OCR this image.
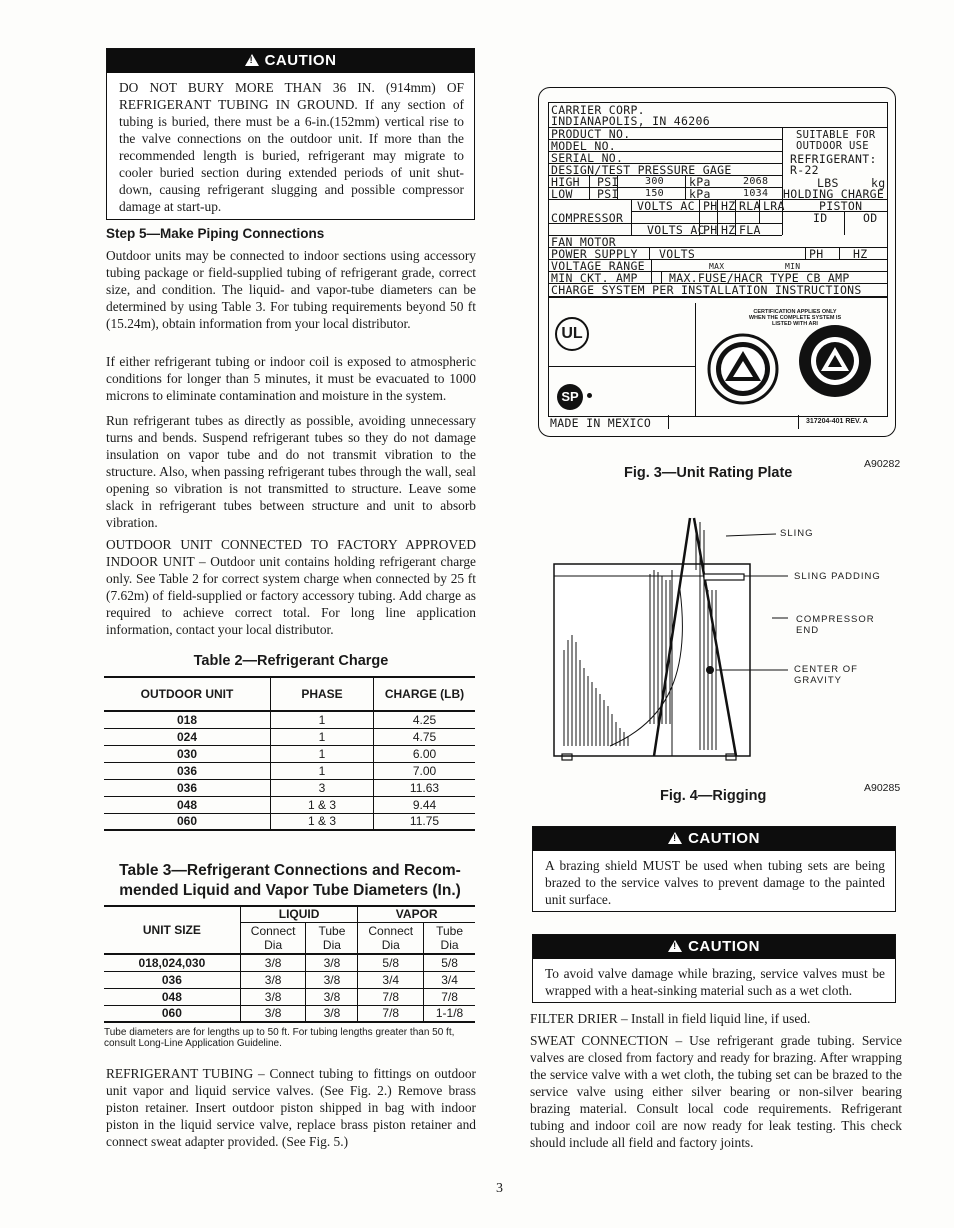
!CAUTION
DO NOT BURY MORE THAN 36 IN. (914mm) OF REFRIGERANT TUBING IN GROUND. If any section of tubing is buried, there must be a 6-in.(152mm) vertical rise to the valve connections on the outdoor unit. If more than the recommended length is buried, refrigerant may migrate to cooler buried section during extended periods of unit shut-down, causing refrigerant slugging and possible compressor damage at start-up.
Step 5—Make Piping Connections

Outdoor units may be connected to indoor sections using accessory tubing package or field-supplied tubing of refrigerant grade, correct size, and condition. The liquid- and vapor-tube diameters can be determined by using Table 3. For tubing requirements beyond 50 ft (15.24m), obtain information from your local distributor.

If either refrigerant tubing or indoor coil is exposed to atmospheric conditions for longer than 5 minutes, it must be evacuated to 1000 microns to eliminate contamination and moisture in the system.

Run refrigerant tubes as directly as possible, avoiding unnecessary turns and bends. Suspend refrigerant tubes so they do not damage insulation on vapor tube and do not transmit vibration to the structure. Also, when passing refrigerant tubes through the wall, seal opening so vibration is not transmitted to structure. Leave some slack in refrigerant tubes between structure and unit to absorb vibration.

OUTDOOR UNIT CONNECTED TO FACTORY APPROVED INDOOR UNIT – Outdoor unit contains holding refrigerant charge only. See Table 2 for correct system charge when connected by 25 ft (7.62m) of field-supplied or factory accessory tubing. Add charge as required to achieve correct total. For long line application information, contact your local distributor.

Table 2—Refrigerant Charge
OUTDOOR UNIT	PHASE	CHARGE (LB)
018	1	4.25
024	1	4.75
030	1	6.00
036	1	7.00
036	3	11.63
048	1 & 3	9.44
060	1 & 3	11.75
Table 3—Refrigerant Connections and Recom-
mended Liquid and Vapor Tube Diameters (In.)
UNIT SIZE	LIQUID		VAPOR	
	Connect Dia	Tube Dia	Connect Dia	Tube Dia
018,024,030	3/8	3/8	5/8	5/8
036	3/8	3/8	3/4	3/4
048	3/8	3/8	7/8	7/8
060	3/8	3/8	7/8	1-1/8
Tube diameters are for lengths up to 50 ft. For tubing lengths greater than 50 ft, consult Long-Line Application Guideline.

REFRIGERANT TUBING – Connect tubing to fittings on outdoor unit vapor and liquid service valves. (See Fig. 2.) Remove brass piston retainer. Insert outdoor piston shipped in bag with indoor piston in the liquid service valve, replace brass piston retainer and connect sweat adapter provided. (See Fig. 5.)

CARRIER CORP.
INDIANAPOLIS, IN 46206
PRODUCT NO.
MODEL NO.
SERIAL NO.
DESIGN/TEST PRESSURE GAGE
HIGH PSI	300 kPa	2068
LOW PSI	150 kPa	1034
SUITABLE FOR
OUTDOOR USE
REFRIGERANT:
R-22
LBS	kg
HOLDING CHARGE
VOLTS AC PH HZ RLA LRA	PISTON
COMPRESSOR	ID	OD
VOLTS AC
PH HZ FLA
FAN MOTOR
POWER SUPPLY VOLTS	PH	HZ
VOLTAGE RANGE	MAX	MIN
MIN CKT. AMP	MAX.FUSE/HACR TYPE CB AMP
CHARGE SYSTEM PER INSTALLATION INSTRUCTIONS
UL
SP
CERTIFICATION APPLIES ONLY WHEN THE COMPLETE SYSTEM IS LISTED WITH ARI
MADE IN MEXICO	317204-401 REV. A
Fig. 3—Unit Rating Plate
A90282
SLING
SLING PADDING
COMPRESSOR END
CENTER OF GRAVITY
Fig. 4—Rigging	A90285
!CAUTION
A brazing shield MUST be used when tubing sets are being brazed to the service valves to prevent damage to the painted unit surface.
!CAUTION
To avoid valve damage while brazing, service valves must be wrapped with a heat-sinking material such as a wet cloth.

FILTER DRIER – Install in field liquid line, if used.

SWEAT CONNECTION – Use refrigerant grade tubing. Service valves are closed from factory and ready for brazing. After wrapping the service valve with a wet cloth, the tubing set can be brazed to the service valve using either silver bearing or non-silver bearing brazing material. Consult local code requirements. Refrigerant tubing and indoor coil are now ready for leak testing. This check should include all field and factory joints.

3
